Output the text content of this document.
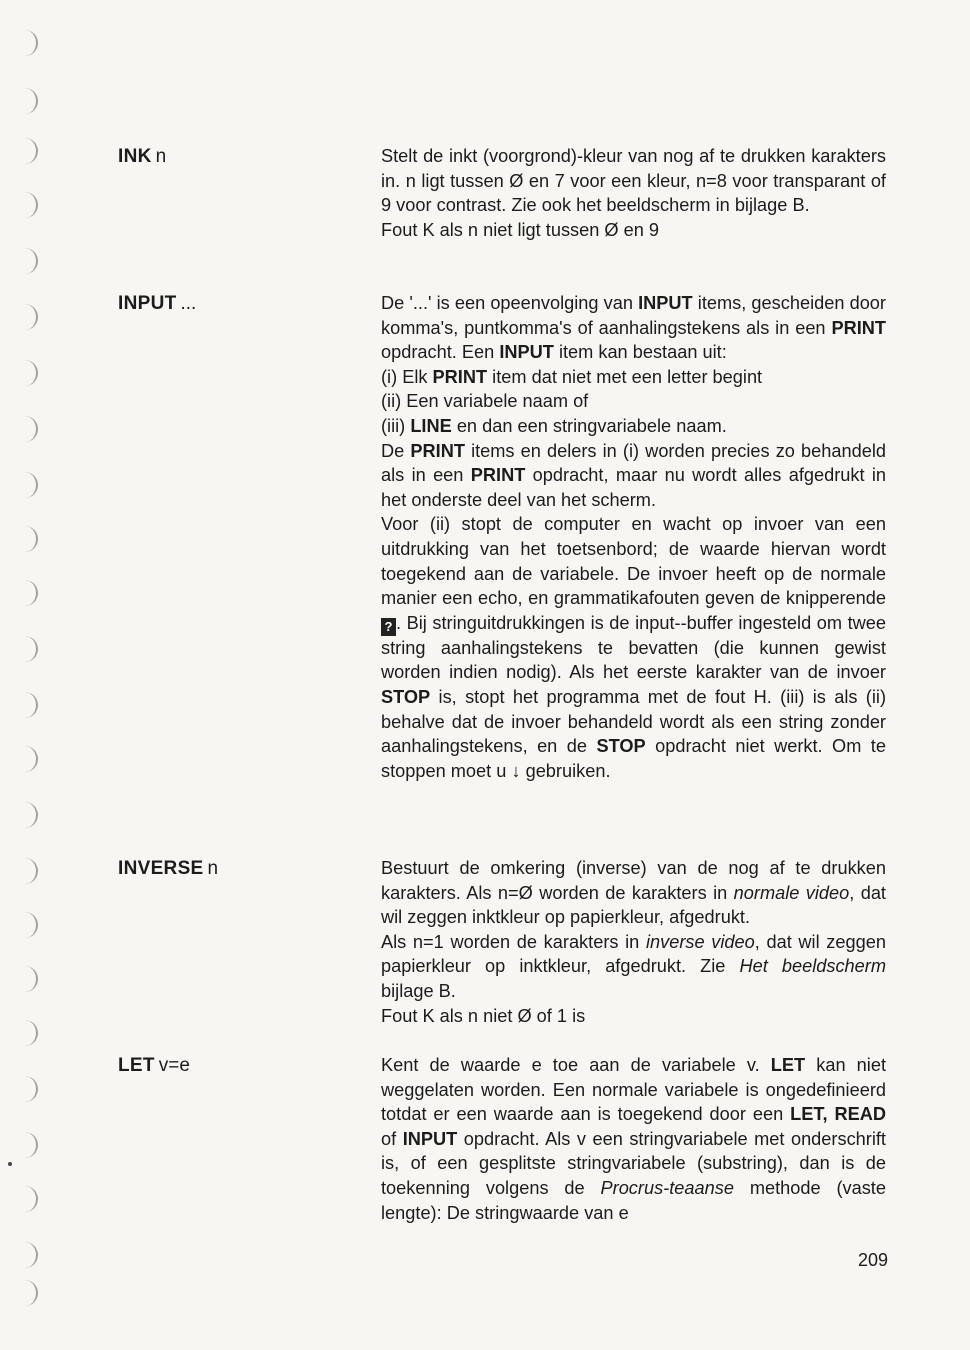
INK n	Stelt de inkt (voorgrond)-kleur van nog af te drukken karakters in. n ligt tussen Ø en 7 voor een kleur, n=8 voor transparant of 9 voor contrast. Zie ook het beeldscherm in bijlage B.

Fout K als n niet ligt tussen Ø en 9

INPUT ...	De '...' is een opeenvolging van INPUT items, gescheiden door komma's, puntkomma's of aanhalingstekens als in een PRINT opdracht. Een INPUT item kan bestaan uit:

(i) Elk PRINT item dat niet met een letter begint

(ii) Een variabele naam of

(iii) LINE en dan een stringvariabele naam.

De PRINT items en delers in (i) worden precies zo behandeld als in een PRINT opdracht, maar nu wordt alles afgedrukt in het onderste deel van het scherm.

Voor (ii) stopt de computer en wacht op invoer van een uitdrukking van het toetsenbord; de waarde hiervan wordt toegekend aan de variabele. De invoer heeft op de normale manier een echo, en grammatikafouten geven de knipperende ? . Bij stringuitdrukkingen is de input--buffer ingesteld om twee string aanhalingstekens te bevatten (die kunnen gewist worden indien nodig). Als het eerste karakter van de invoer STOP is, stopt het programma met de fout H. (iii) is als (ii) behalve dat de invoer behandeld wordt als een string zonder aanhalingstekens, en de STOP opdracht niet werkt. Om te stoppen moet u ↓ gebruiken.

INVERSE n	Bestuurt de omkering (inverse) van de nog af te drukken karakters. Als n=Ø worden de karakters in normale video, dat wil zeggen inktkleur op papierkleur, afgedrukt.

Als n=1 worden de karakters in inverse video, dat wil zeggen papierkleur op inktkleur, afgedrukt. Zie Het beeldscherm bijlage B.

Fout K als n niet Ø of 1 is

LET v=e	Kent de waarde e toe aan de variabele v. LET kan niet weggelaten worden. Een normale variabele is ongedefinieerd totdat er een waarde aan is toegekend door een LET, READ of INPUT opdracht. Als v een stringvariabele met onderschrift is, of een gesplitste stringvariabele (substring), dan is de toekenning volgens de Procrus-teaanse methode (vaste lengte): De stringwaarde van e

209
